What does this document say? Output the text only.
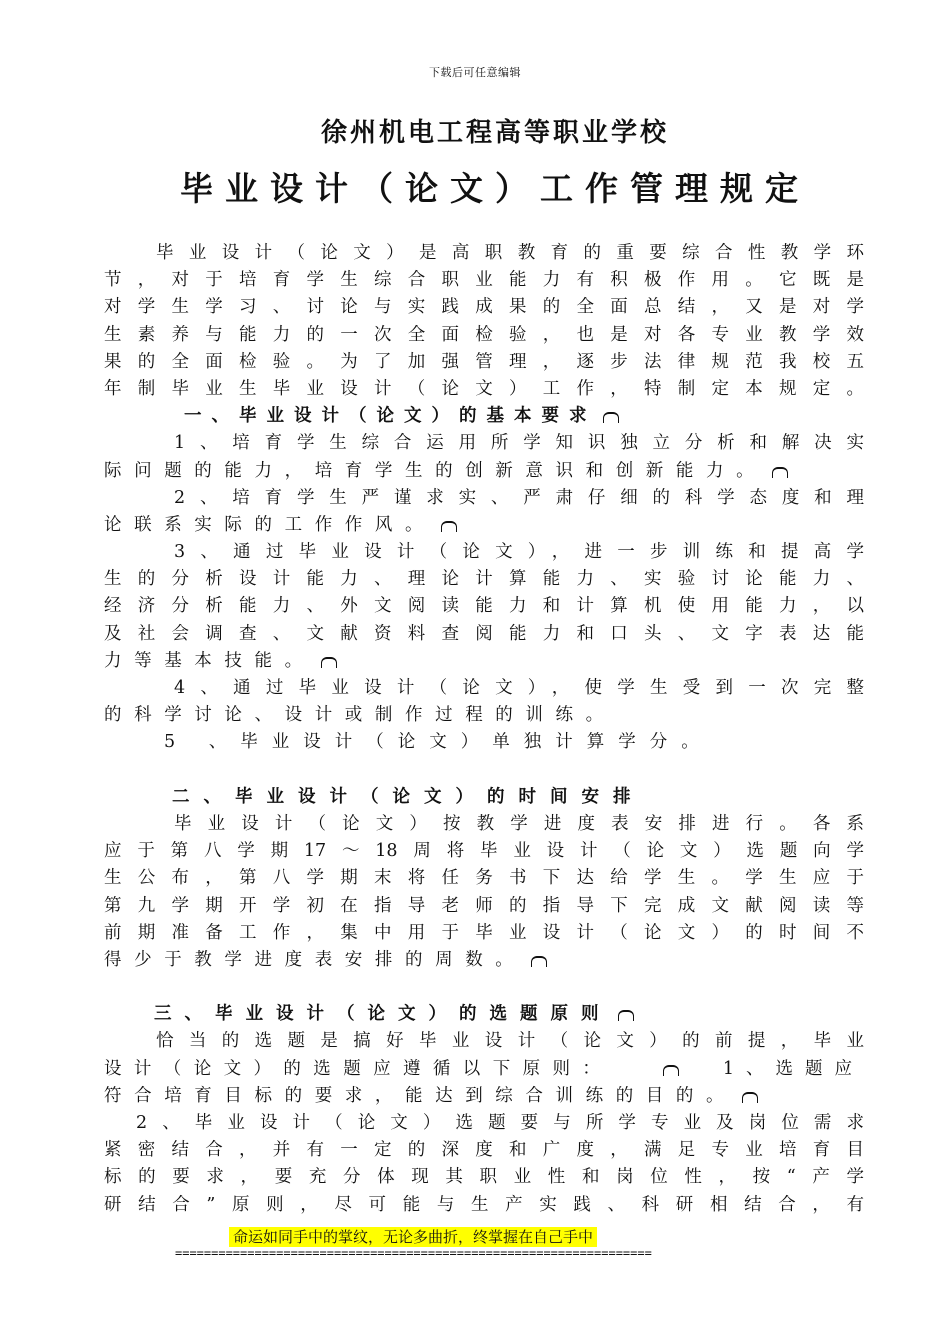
下载后可任意编辑
徐州机电工程高等职业学校
毕业设计（论文）工作管理规定
毕业设计（论文）是高职教育的重要综合性教学环
节，对于培育学生综合职业能力有积极作用。它既是
对学生学习、讨论与实践成果的全面总结，又是对学
生素养与能力的一次全面检验，也是对各专业教学效
果的全面检验。为了加强管理，逐步法律规范我校五
年制毕业生毕业设计（论文）工作，特制定本规定。
一、毕业设计（论文）的基本要求
1、培育学生综合运用所学知识独立分析和解决实
际问题的能力，培育学生的创新意识和创新能力。
2、培育学生严谨求实、严肃仔细的科学态度和理
论联系实际的工作作风。
3、通过毕业设计（论文），进一步训练和提高学
生的分析设计能力、理论计算能力、实验讨论能力、
经济分析能力、外文阅读能力和计算机使用能力，以
及社会调查、文献资料查阅能力和口头、文字表达能
力等基本技能。
4、通过毕业设计（论文），使学生受到一次完整
的科学讨论、设计或制作过程的训练。
5 、毕业设计（论文）单独计算学分。
二、毕业设计（论文）的时间安排
毕业设计（论文）按教学进度表安排进行。各系
应于第八学期17～18周将毕业设计（论文）选题向学
生公布，第八学期末将任务书下达给学生。学生应于
第九学期开学初在指导老师的指导下完成文献阅读等
前期准备工作，集中用于毕业设计（论文）的时间不
得少于教学进度表安排的周数。
三、毕业设计（论文）的选题原则
恰当的选题是搞好毕业设计（论文）的前提，毕业
设计（论文）的选题应遵循以下原则：	1、选题应
符合培育目标的要求，能达到综合训练的目的。
2、毕业设计（论文）选题要与所学专业及岗位需求
紧密结合，并有一定的深度和广度，满足专业培育目
标的要求，要充分体现其职业性和岗位性，按“产学
研结合”原则，尽可能与生产实践、科研相结合，有
命运如同手中的掌纹，无论多曲折，终掌握在自己手中
==================================================================
